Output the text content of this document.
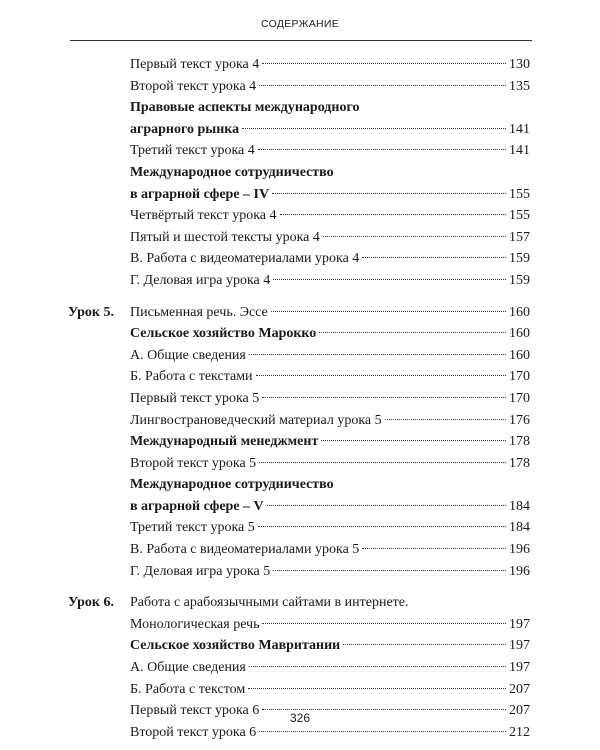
СОДЕРЖАНИЕ
Первый текст урока 4	130
Второй текст урока 4	135
Правовые аспекты международного
аграрного рынка	141
Третий текст урока 4	141
Международное сотрудничество
в аграрной сфере – IV	155
Четвёртый текст урока 4	155
Пятый и шестой тексты урока 4	157
В. Работа с видеоматериалами урока 4	159
Г. Деловая игра урока 4	159
Урок 5.	Письменная речь. Эссе	160
Сельское хозяйство Марокко	160
А. Общие сведения	160
Б. Работа с текстами	170
Первый текст урока 5	170
Лингвострановедческий материал урока 5	176
Международный менеджмент	178
Второй текст урока 5	178
Международное сотрудничество
в аграрной сфере – V	184
Третий текст урока 5	184
В. Работа с видеоматериалами урока 5	196
Г. Деловая игра урока 5	196
Урок 6.	Работа с арабоязычными сайтами в интернете.
Монологическая речь	197
Сельское хозяйство Мавритании	197
А. Общие сведения	197
Б. Работа с текстом	207
Первый текст урока 6	207
Второй текст урока 6	212
326
